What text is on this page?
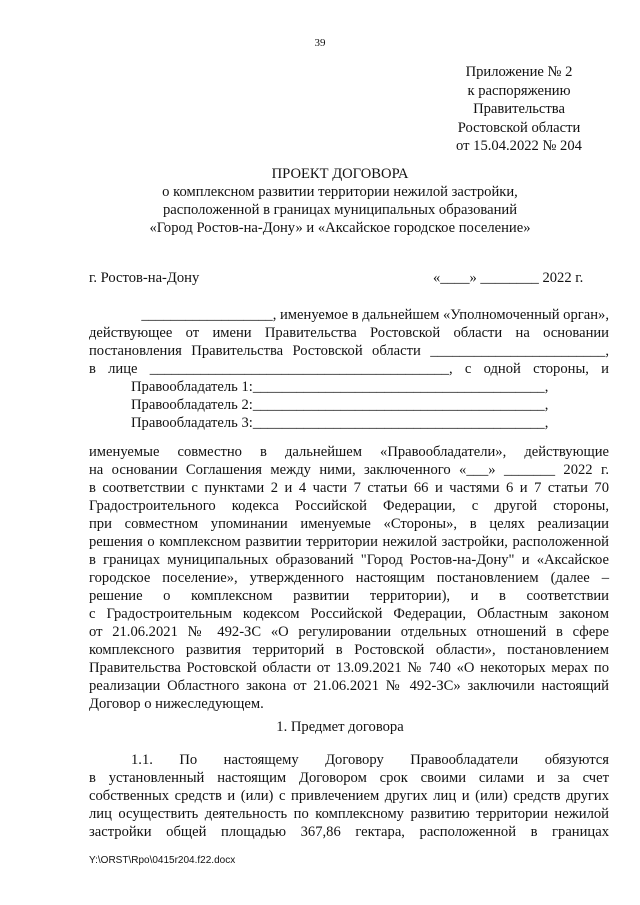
39
Приложение № 2
к распоряжению
Правительства
Ростовской области
от 15.04.2022 № 204
ПРОЕКТ ДОГОВОРА
о комплексном развитии территории нежилой застройки,
расположенной в границах муниципальных образований
«Город Ростов-на-Дону» и «Аксайское городское поселение»
г. Ростов-на-Дону	«____» ________ 2022 г.
__________________, именуемое в дальнейшем «Уполномоченный орган»,
действующее от имени Правительства Ростовской области на основании
постановления Правительства Ростовской области ________________________,
в лице _________________________________________, с одной стороны, и
Правообладатель 1:________________________________________,
Правообладатель 2:________________________________________,
Правообладатель 3:________________________________________,
именуемые совместно в дальнейшем «Правообладатели», действующие
на основании Соглашения между ними, заключенного «___» _______ 2022 г.
в соответствии с пунктами 2 и 4 части 7 статьи 66 и частями 6 и 7 статьи 70
Градостроительного кодекса Российской Федерации, с другой стороны,
при совместном упоминании именуемые «Стороны», в целях реализации
решения о комплексном развитии территории нежилой застройки, расположенной
в границах муниципальных образований "Город Ростов-на-Дону" и «Аксайское
городское поселение», утвержденного настоящим постановлением (далее –
решение о комплексном развитии территории), и в соответствии
с Градостроительным кодексом Российской Федерации, Областным законом
от 21.06.2021 № 492-ЗС «О регулировании отдельных отношений в сфере
комплексного развития территорий в Ростовской области», постановлением
Правительства Ростовской области от 13.09.2021 № 740 «О некоторых мерах по
реализации Областного закона от 21.06.2021 № 492-ЗС» заключили настоящий
Договор о нижеследующем.
1. Предмет договора
1.1. По настоящему Договору Правообладатели обязуются
в установленный настоящим Договором срок своими силами и за счет
собственных средств и (или) с привлечением других лиц и (или) средств других
лиц осуществить деятельность по комплексному развитию территории нежилой
застройки общей площадью 367,86 гектара, расположенной в границах
Y:\ORST\Rpo\0415r204.f22.docx
